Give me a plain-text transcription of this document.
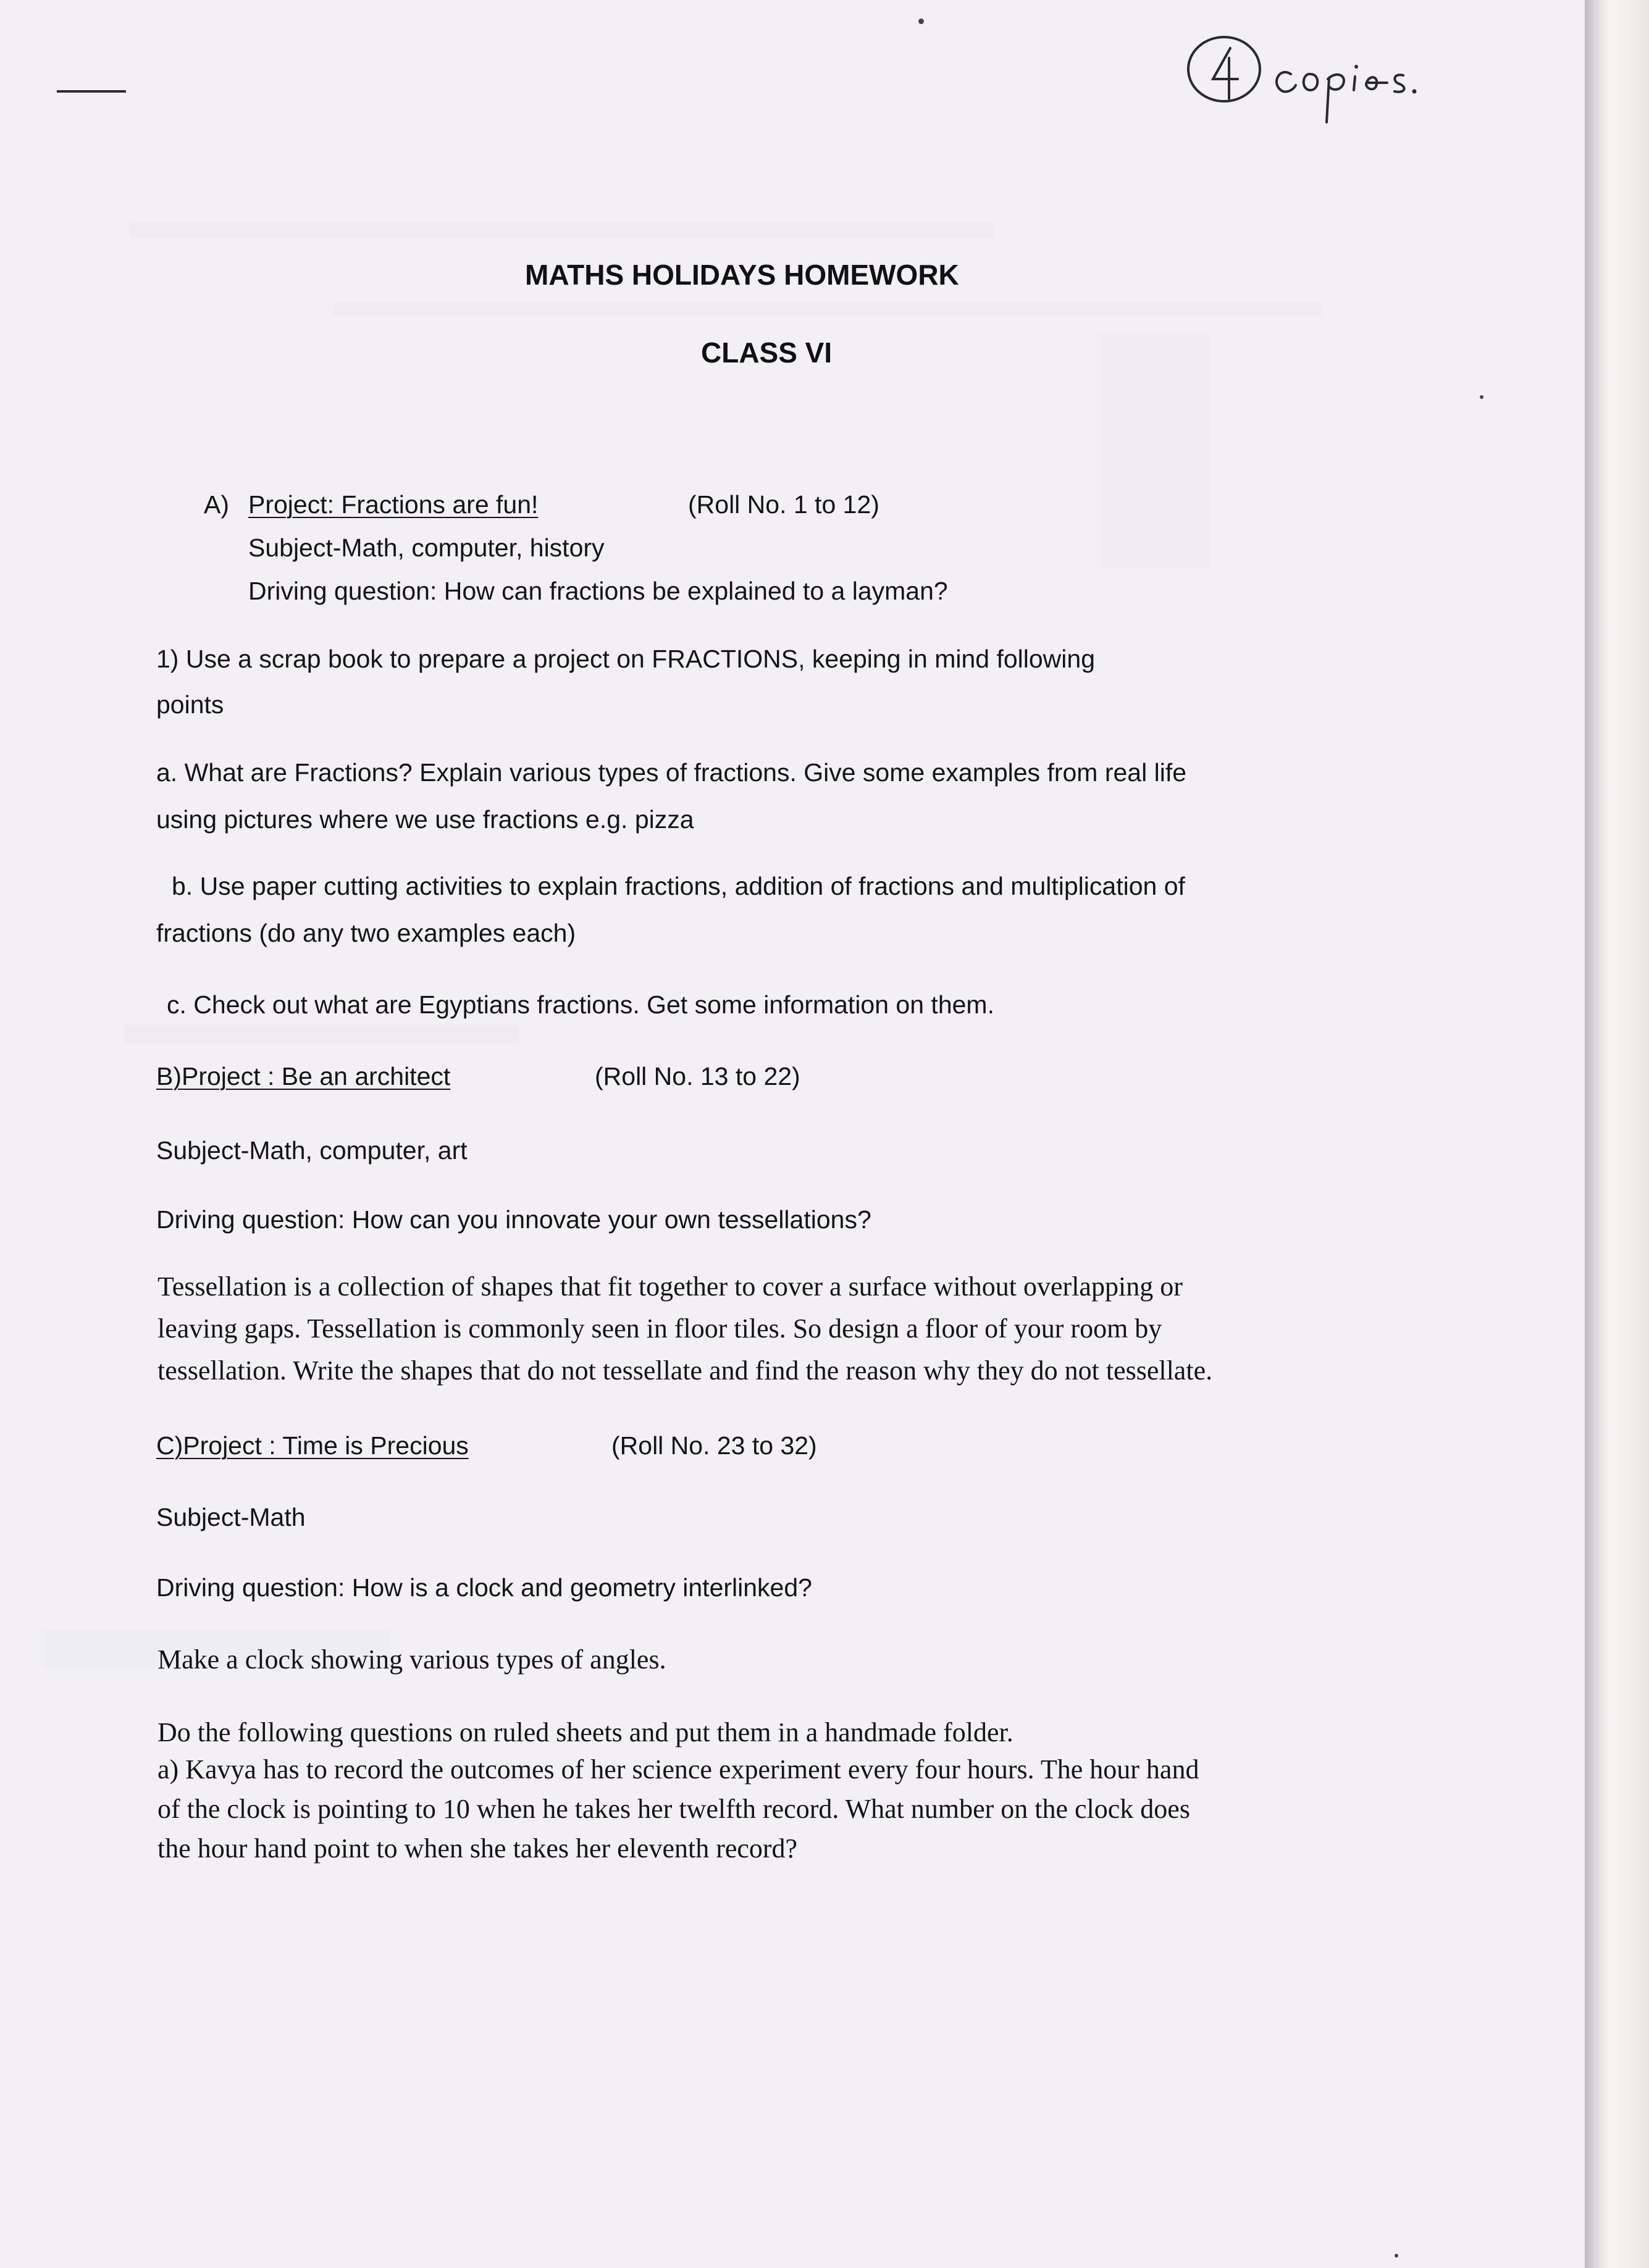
MATHS HOLIDAYS HOMEWORK
CLASS VI
A) Project: Fractions are fun!	(Roll No. 1 to 12)
Subject-Math, computer, history
Driving question: How can fractions be explained to a layman?
1) Use a scrap book to prepare a project on FRACTIONS, keeping in mind following
points
a. What are Fractions? Explain various types of fractions. Give some examples from real life
using pictures where we use fractions e.g. pizza
b. Use paper cutting activities to explain fractions, addition of fractions and multiplication of
fractions (do any two examples each)
c. Check out what are Egyptians fractions. Get some information on them.
B)Project : Be an architect	(Roll No. 13 to 22)
Subject-Math, computer, art
Driving question: How can you innovate your own tessellations?
Tessellation is a collection of shapes that fit together to cover a surface without overlapping or
leaving gaps. Tessellation is commonly seen in floor tiles. So design a floor of your room by
tessellation. Write the shapes that do not tessellate and find the reason why they do not tessellate.
C)Project : Time is Precious	(Roll No. 23 to 32)
Subject-Math
Driving question: How is a clock and geometry interlinked?
Make a clock showing various types of angles.
Do the following questions on ruled sheets and put them in a handmade folder.
a) Kavya has to record the outcomes of her science experiment every four hours. The hour hand
of the clock is pointing to 10 when he takes her twelfth record. What number on the clock does
the hour hand point to when she takes her eleventh record?
